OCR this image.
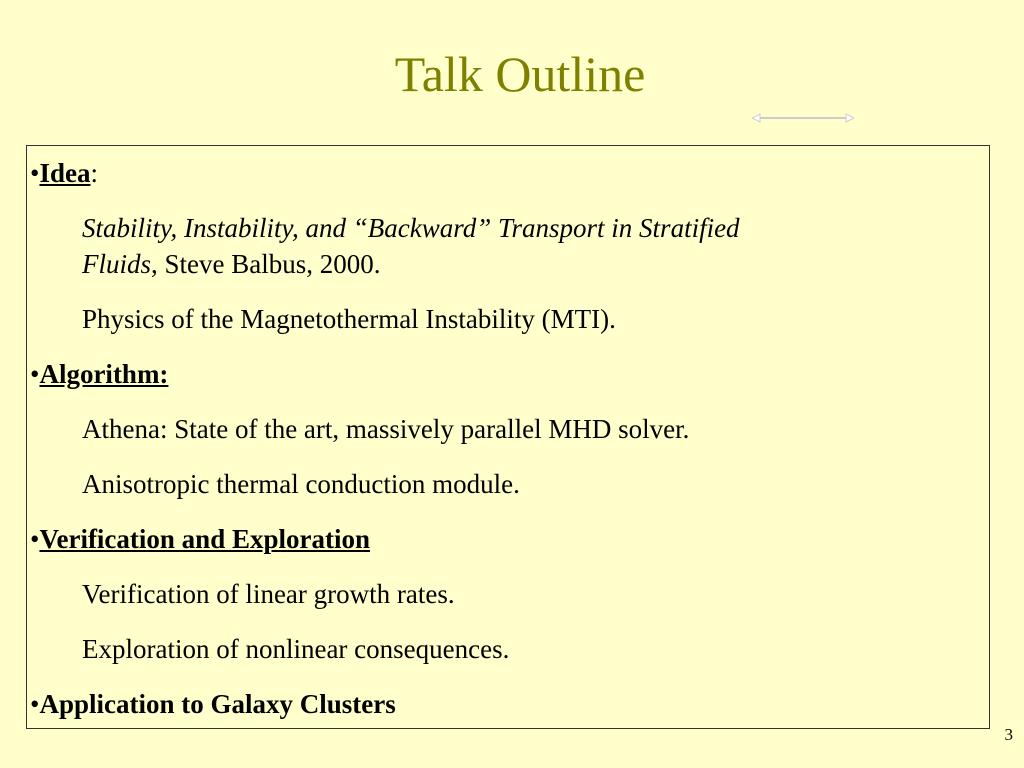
Talk Outline
•Idea:
Stability, Instability, and “Backward” Transport in Stratified
Fluids, Steve Balbus, 2000.
Physics of the Magnetothermal Instability (MTI).
•Algorithm:
Athena: State of the art, massively parallel MHD solver.
Anisotropic thermal conduction module.
•Verification and Exploration
Verification of linear growth rates.
Exploration of nonlinear consequences.
•Application to Galaxy Clusters
3
